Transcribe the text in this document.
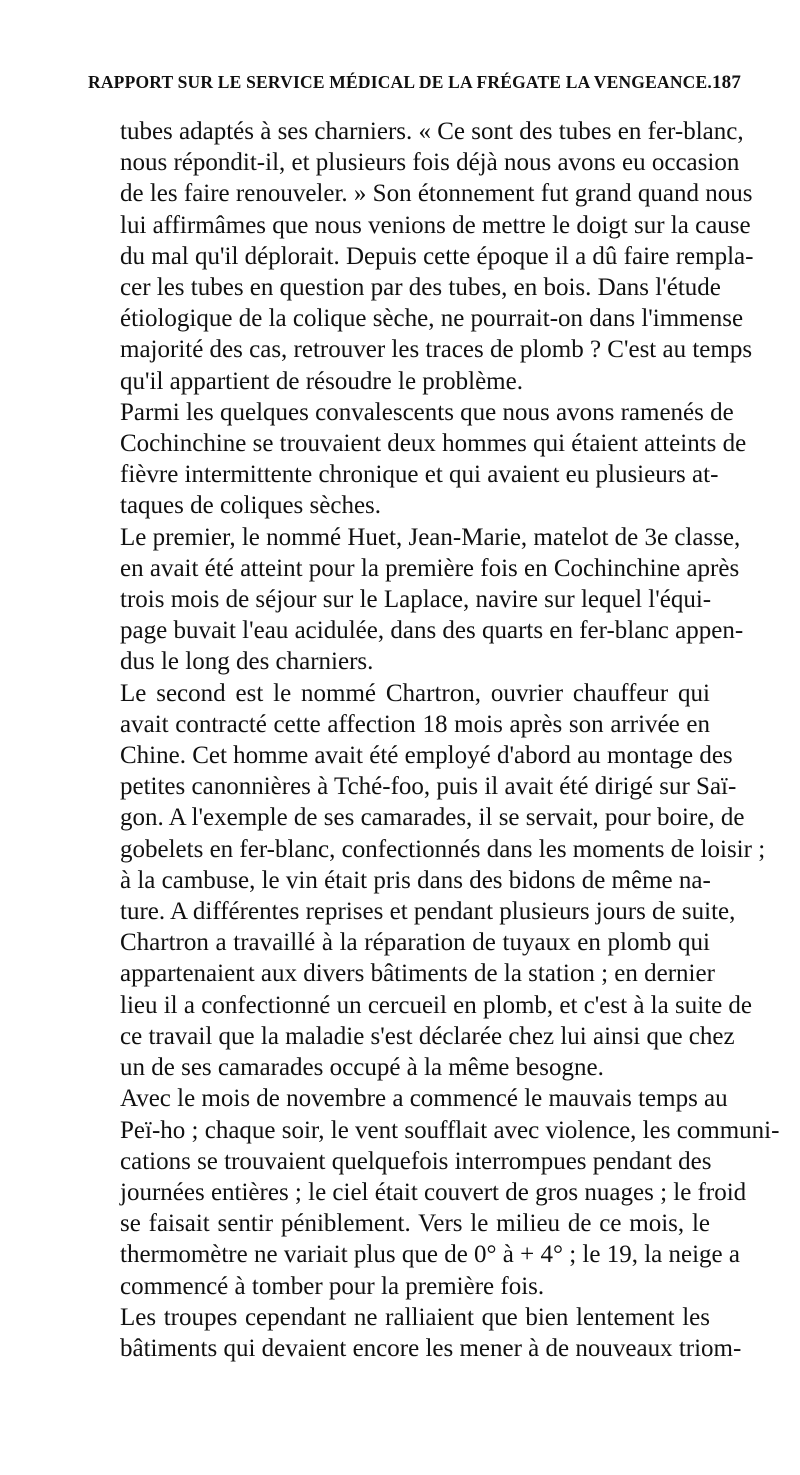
RAPPORT SUR LE SERVICE MÉDICAL DE LA FRÉGATE LA VENGEANCE. 187
tubes adaptés à ses charniers. « Ce sont des tubes en fer-blanc,
nous répondit-il, et plusieurs fois déjà nous avons eu occasion
de les faire renouveler. » Son étonnement fut grand quand nous
lui affirmâmes que nous venions de mettre le doigt sur la cause
du mal qu'il déplorait. Depuis cette époque il a dû faire rempla-
cer les tubes en question par des tubes, en bois. Dans l'étude
étiologique de la colique sèche, ne pourrait-on dans l'immense
majorité des cas, retrouver les traces de plomb ? C'est au temps
qu'il appartient de résoudre le problème.
Parmi les quelques convalescents que nous avons ramenés de
Cochinchine se trouvaient deux hommes qui étaient atteints de
fièvre intermittente chronique et qui avaient eu plusieurs at-
taques de coliques sèches.
Le premier, le nommé Huet, Jean-Marie, matelot de 3e classe,
en avait été atteint pour la première fois en Cochinchine après
trois mois de séjour sur le Laplace, navire sur lequel l'équi-
page buvait l'eau acidulée, dans des quarts en fer-blanc appen-
dus le long des charniers.
Le second est le nommé Chartron, ouvrier chauffeur qui
avait contracté cette affection 18 mois après son arrivée en
Chine. Cet homme avait été employé d'abord au montage des
petites canonnières à Tché-foo, puis il avait été dirigé sur Saï-
gon. A l'exemple de ses camarades, il se servait, pour boire, de
gobelets en fer-blanc, confectionnés dans les moments de loisir ;
à la cambuse, le vin était pris dans des bidons de même na-
ture. A différentes reprises et pendant plusieurs jours de suite,
Chartron a travaillé à la réparation de tuyaux en plomb qui
appartenaient aux divers bâtiments de la station ; en dernier
lieu il a confectionné un cercueil en plomb, et c'est à la suite de
ce travail que la maladie s'est déclarée chez lui ainsi que chez
un de ses camarades occupé à la même besogne.
Avec le mois de novembre a commencé le mauvais temps au
Peï-ho ; chaque soir, le vent soufflait avec violence, les communi-
cations se trouvaient quelquefois interrompues pendant des
journées entières ; le ciel était couvert de gros nuages ; le froid
se faisait sentir péniblement. Vers le milieu de ce mois, le
thermomètre ne variait plus que de 0° à + 4° ; le 19, la neige a
commencé à tomber pour la première fois.
Les troupes cependant ne ralliaient que bien lentement les
bâtiments qui devaient encore les mener à de nouveaux triom-
